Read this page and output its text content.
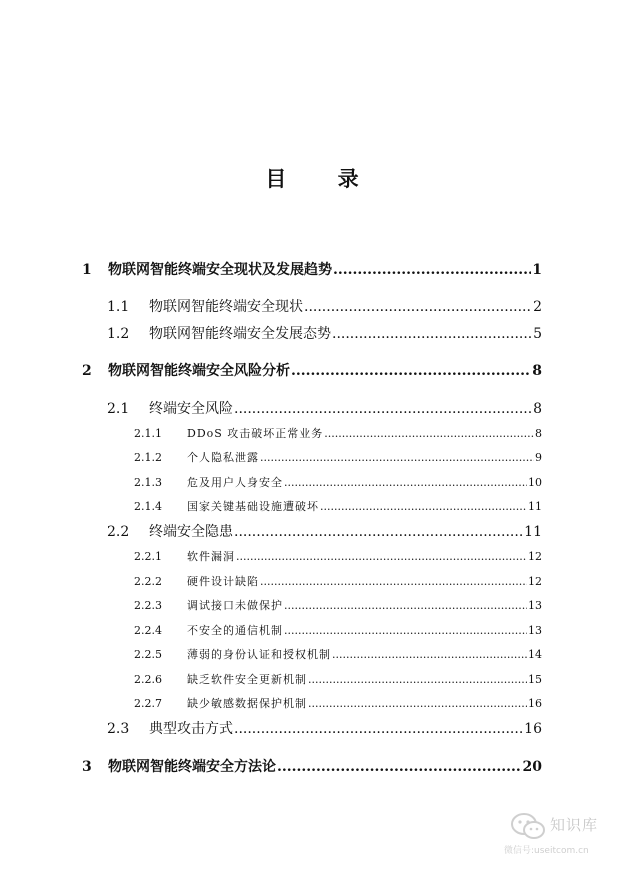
目 录
1	物联网智能终端安全现状及发展趋势 .....	1
1.1	物联网智能终端安全现状 .....	2
1.2	物联网智能终端安全发展态势 .....	5
2	物联网智能终端安全风险分析 .....	8
2.1	终端安全风险 .....	8
2.1.1	DDoS 攻击破坏正常业务 .....	8
2.1.2	个人隐私泄露 .....	9
2.1.3	危及用户人身安全 .....	10
2.1.4	国家关键基础设施遭破坏 .....	11
2.2	终端安全隐患 .....	11
2.2.1	软件漏洞 .....	12
2.2.2	硬件设计缺陷 .....	12
2.2.3	调试接口未做保护 .....	13
2.2.4	不安全的通信机制 .....	13
2.2.5	薄弱的身份认证和授权机制 .....	14
2.2.6	缺乏软件安全更新机制 .....	15
2.2.7	缺少敏感数据保护机制 .....	16
2.3	典型攻击方式 .....	16
3	物联网智能终端安全方法论 .....	20
知识库
微信号:useitcom.cn
